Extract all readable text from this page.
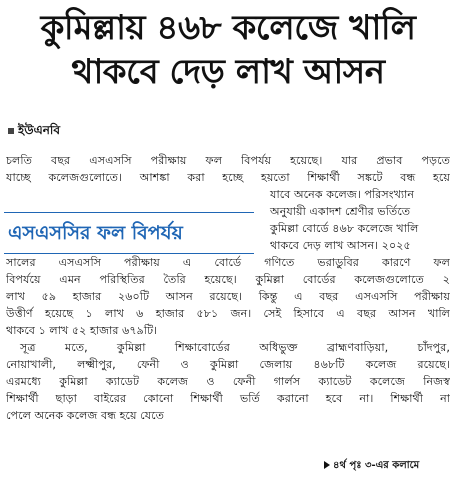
কুমিল্লায় ৪৬৮ কলেজে খালি
থাকবে দেড় লাখ আসন
ইউএনবি
চলতি বছর এসএসসি পরীক্ষায় ফল বিপর্যয় হয়েছে। যার প্রভাব পড়তে
যাচ্ছে কলেজগুলোতে। আশঙ্কা করা হচ্ছে হয়তো শিক্ষার্থী সঙ্কটে বন্ধ হয়ে
যাবে অনেক কলেজ। পরিসংখ্যান
অনুযায়ী একাদশ শ্রেণীর ভর্তিতে
কুমিল্লা বোর্ডে ৪৬৮ কলেজে খালি
থাকবে দেড় লাখ আসন। ২০২৫
সালের এসএসসি পরীক্ষায় এ বোর্ডে গণিতে ভরাডুবির কারণে ফল
বিপর্যয়ে এমন পরিস্থিতির তৈরি হয়েছে। কুমিল্লা বোর্ডের কলেজগুলোতে ২
লাখ ৫৯ হাজার ২৬০টি আসন রয়েছে। কিন্তু এ বছর এসএসসি পরীক্ষায়
উত্তীর্ণ হয়েছে ১ লাখ ৬ হাজার ৫৮১ জন। সেই হিসাবে এ বছর আসন খালি
থাকবে ১ লাখ ৫২ হাজার ৬৭৯টি।
সূত্র মতে, কুমিল্লা শিক্ষাবোর্ডের অধিভুক্ত ব্রাহ্মণবাড়িয়া, চাঁদপুর,
নোয়াখালী, লক্ষ্মীপুর, ফেনী ও কুমিল্লা জেলায় ৪৬৮টি কলেজ রয়েছে।
এরমধ্যে কুমিল্লা ক্যাডেট কলেজ ও ফেনী গার্লস ক্যাডেট কলেজে নিজস্ব
শিক্ষার্থী ছাড়া বাইরের কোনো শিক্ষার্থী ভর্তি করানো হবে না। শিক্ষার্থী না
পেলে অনেক কলেজ বন্ধ হয়ে যেতে
এসএসসির ফল বিপর্যয়
৪র্থ পৃঃ ৩-এর কলামে
